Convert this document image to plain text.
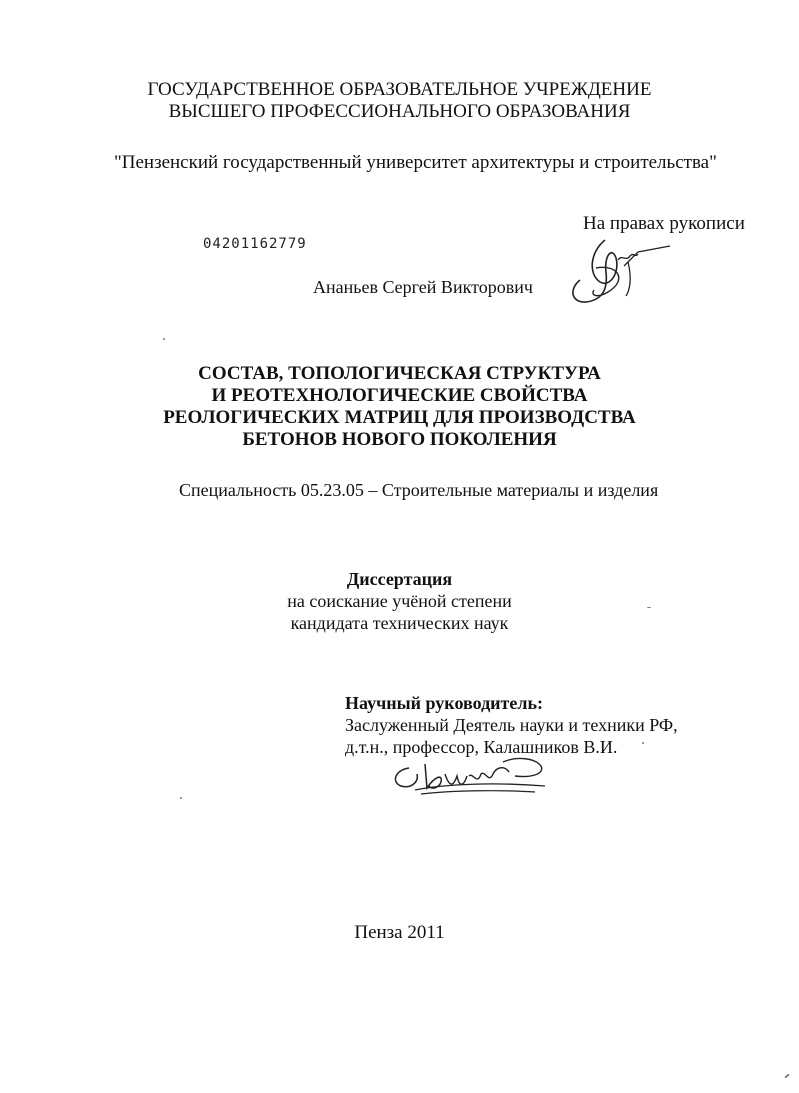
ГОСУДАРСТВЕННОЕ ОБРАЗОВАТЕЛЬНОЕ УЧРЕЖДЕНИЕ
ВЫСШЕГО ПРОФЕССИОНАЛЬНОГО ОБРАЗОВАНИЯ
"Пензенский государственный университет архитектуры и строительства"
На правах рукописи
04201162779
Ананьев Сергей Викторович
СОСТАВ, ТОПОЛОГИЧЕСКАЯ СТРУКТУРА
И РЕОТЕХНОЛОГИЧЕСКИЕ СВОЙСТВА
РЕОЛОГИЧЕСКИХ МАТРИЦ ДЛЯ ПРОИЗВОДСТВА
БЕТОНОВ НОВОГО ПОКОЛЕНИЯ
Специальность 05.23.05 – Строительные материалы и изделия
Диссертация
на соискание учёной степени
кандидата технических наук
Научный руководитель:
Заслуженный Деятель науки и техники РФ,
д.т.н., профессор, Калашников В.И.
Пенза 2011
